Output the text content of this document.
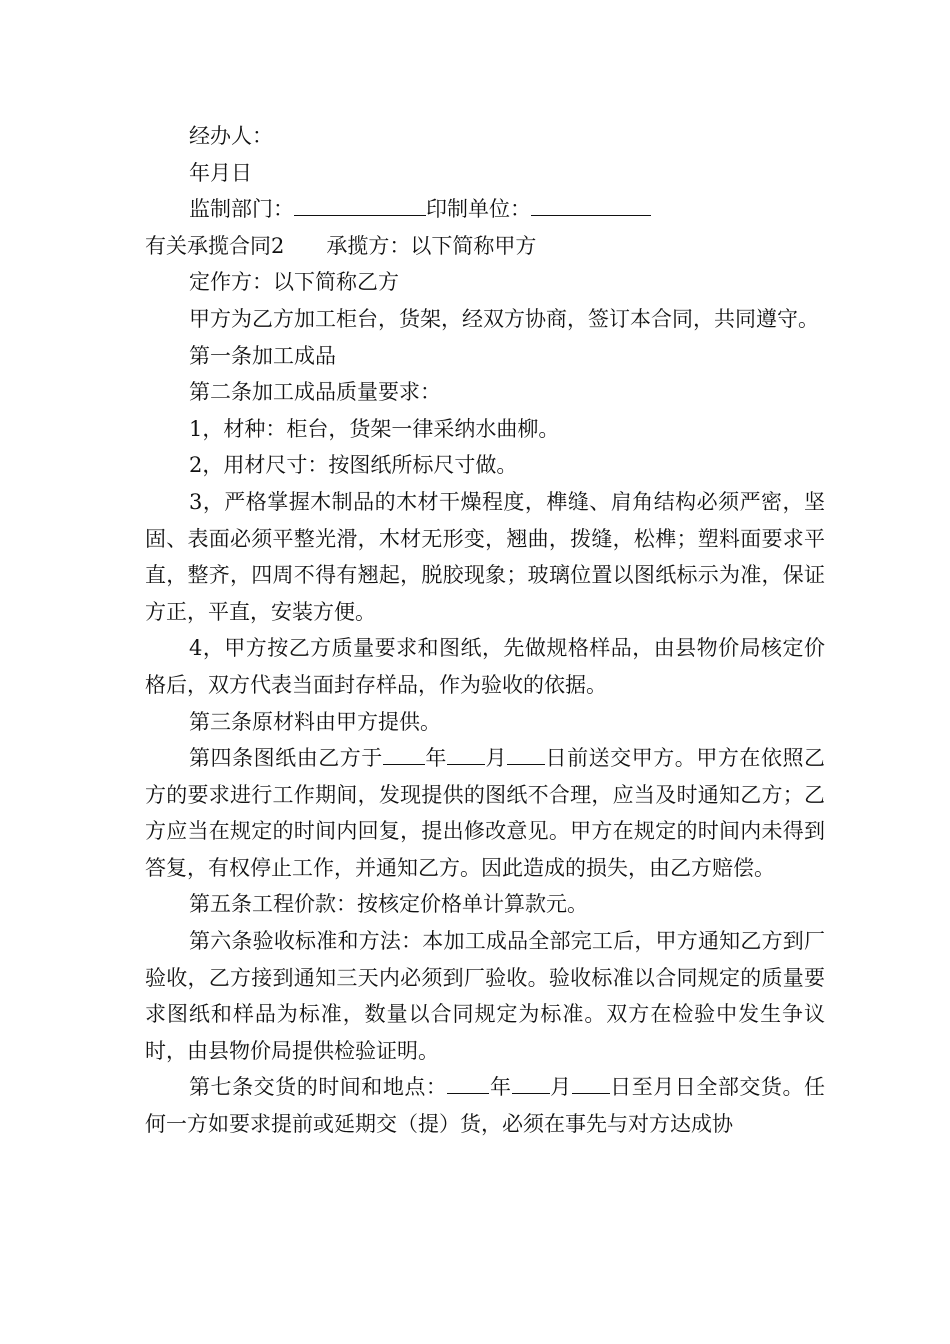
经办人：

年月日

监制部门：	印制单位：

有关承揽合同2 承揽方：以下简称甲方

定作方：以下简称乙方

甲方为乙方加工柜台，货架，经双方协商，签订本合同，共同遵守。

第一条加工成品

第二条加工成品质量要求：

1，材种：柜台，货架一律采纳水曲柳。

2，用材尺寸：按图纸所标尺寸做。

3，严格掌握木制品的木材干燥程度，榫缝、肩角结构必须严密，坚固、表面必须平整光滑，木材无形变，翘曲，拨缝，松榫；塑料面要求平直，整齐，四周不得有翘起，脱胶现象；玻璃位置以图纸标示为准，保证方正，平直，安装方便。

4，甲方按乙方质量要求和图纸，先做规格样品，由县物价局核定价格后，双方代表当面封存样品，作为验收的依据。

第三条原材料由甲方提供。

第四条图纸由乙方于 年 月 日前送交甲方。甲方在依照乙方的要求进行工作期间，发现提供的图纸不合理，应当及时通知乙方；乙方应当在规定的时间内回复，提出修改意见。甲方在规定的时间内未得到答复，有权停止工作，并通知乙方。因此造成的损失，由乙方赔偿。

第五条工程价款：按核定价格单计算款元。

第六条验收标准和方法：本加工成品全部完工后，甲方通知乙方到厂验收，乙方接到通知三天内必须到厂验收。验收标准以合同规定的质量要求图纸和样品为标准，数量以合同规定为标准。双方在检验中发生争议时，由县物价局提供检验证明。

第七条交货的时间和地点： 年 月 日至月日全部交货。任何一方如要求提前或延期交（提）货，必须在事先与对方达成协
